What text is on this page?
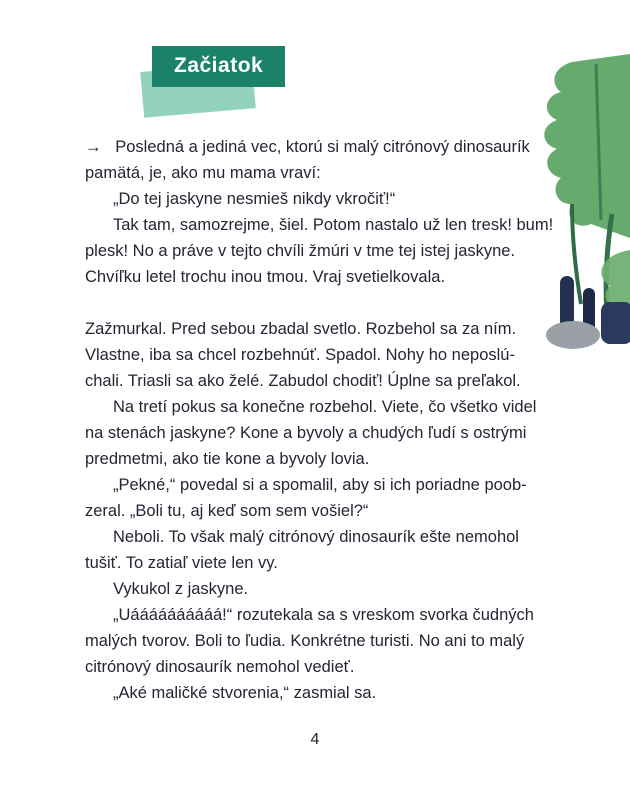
Začiatok
→   Posledná a jediná vec, ktorú si malý citrónový dinosaurík
pamätá, je, ako mu mama vraví:
„Do tej jaskyne nesmieš nikdy vkročiť!“
Tak tam, samozrejme, šiel. Potom nastalo už len tresk! bum!
plesk! No a práve v tejto chvíli žmúri v tme tej istej jaskyne.
Chvíľku letel trochu inou tmou. Vraj svetielkovala.
Zažmurkal. Pred sebou zbadal svetlo. Rozbehol sa za ním.
Vlastne, iba sa chcel rozbehnúť. Spadol. Nohy ho neposlú-
chali. Triasli sa ako želé. Zabudol chodiť! Úplne sa preľakol.
Na tretí pokus sa konečne rozbehol. Viete, čo všetko videl
na stenách jaskyne? Kone a byvoly a chudých ľudí s ostrými
predmetmi, ako tie kone a byvoly lovia.
„Pekné,“ povedal si a spomalil, aby si ich poriadne poob-
zeral. „Boli tu, aj keď som sem vošiel?“
Neboli. To však malý citrónový dinosaurík ešte nemohol
tušiť. To zatiaľ viete len vy.
Vykukol z jaskyne.
„Uáááááááááá!“ rozutekala sa s vreskom svorka čudných
malých tvorov. Boli to ľudia. Konkrétne turisti. No ani to malý
citrónový dinosaurík nemohol vedieť.
„Aké maličké stvorenia,“ zasmial sa.
4
